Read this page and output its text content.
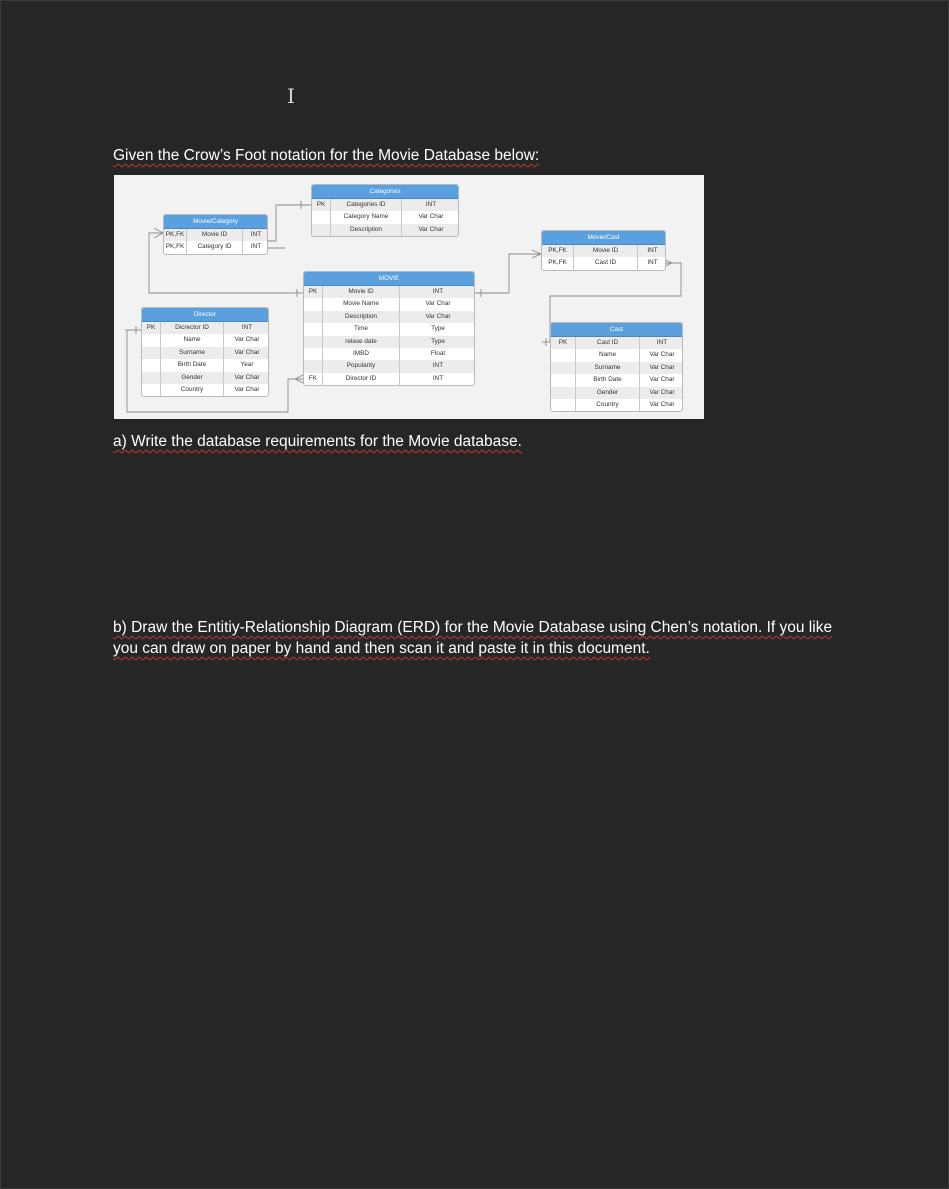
I

Given the Crow’s Foot notation for the Movie Database below:

Categories
PK	Categories ID	INT
Category Name	Var Char
Description	Var Char
Movie/Category
PK,FK	Movie ID	INT
PK,FK	Category ID	INT
Movie/Cast
PK,FK	Movie ID	INT
PK,FK	Cast ID	INT
MOVIE
PK	Movie ID	INT
Movie Name	Var Char
Description	Var Char
Time	Type
relase date	Type
IMBD	Float
Popularity	INT
FK	Director ID	INT
Director
PK	Dicrector ID	INT
Name	Var Char
Surname	Var Char
Birth Date	Year
Gender	Var Char
Country	Var Char
Cast
PK	Cast ID	INT
Name	Var Char
Surname	Var Char
Birth Date	Var Char
Gender	Var Char
Country	Var Char

a) Write the database requirements for the Movie database.

b) Draw the Entitiy-Relationship Diagram (ERD) for the Movie Database using Chen’s notation. If you like you can draw on paper by hand and then scan it and paste it in this document.
